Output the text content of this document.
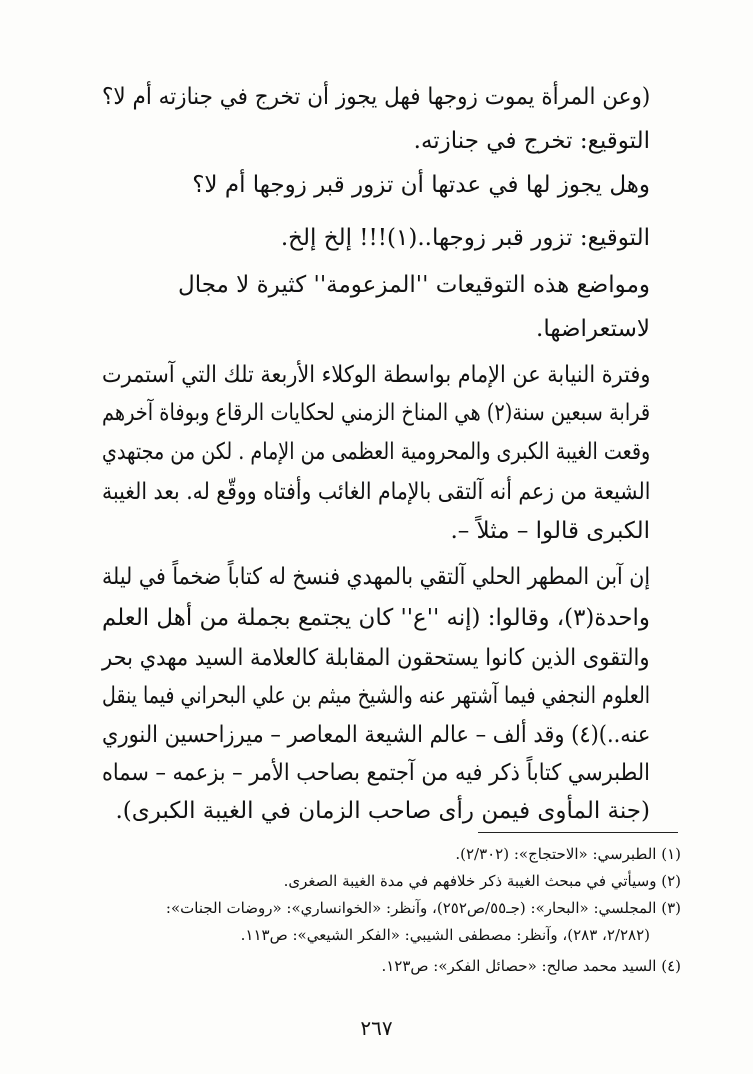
(وعن المرأة يموت زوجها فهل يجوز أن تخرج في جنازته أم لا؟
التوقيع: تخرج في جنازته.
وهل يجوز لها في عدتها أن تزور قبر زوجها أم لا؟
التوقيع: تزور قبر زوجها..(١)!!! إلخ إلخ.
ومواضع هذه التوقيعات ''المزعومة'' كثيرة لا مجال
لاستعراضها.
وفترة النيابة عن الإمام بواسطة الوكلاء الأربعة تلك التي آستمرت
قرابة سبعين سنة(٢) هي المناخ الزمني لحكايات الرقاع وبوفاة آخرهم
وقعت الغيبة الكبرى والمحرومية العظمى من الإمام . لكن من مجتهدي
الشيعة من زعم أنه آلتقى بالإمام الغائب وأفتاه ووقّع له. بعد الغيبة
الكبرى قالوا – مثلاً –.
إن آبن المطهر الحلي آلتقي بالمهدي فنسخ له كتاباً ضخماً في ليلة
واحدة(٣)، وقالوا: (إنه ''ع'' كان يجتمع بجملة من أهل العلم
والتقوى الذين كانوا يستحقون المقابلة كالعلامة السيد مهدي بحر
العلوم النجفي فيما آشتهر عنه والشيخ ميثم بن علي البحراني فيما ينقل
عنه..)(٤) وقد ألف – عالم الشيعة المعاصر – ميرزاحسين النوري
الطبرسي كتاباً ذكر فيه من آجتمع بصاحب الأمر – بزعمه – سماه
(جنة المأوى فيمن رأى صاحب الزمان في الغيبة الكبرى).
(١) الطبرسي: «الاحتجاج»: (٢/٣٠٢).
(٢) وسيأتي في مبحث الغيبة ذكر خلافهم في مدة الغيبة الصغرى.
(٣) المجلسي: «البحار»: (جـ٥٥/ص٢٥٢)، وآنظر: «الخوانساري»: «روضات الجنات»:
(٢/٢٨٢، ٢٨٣)، وآنظر: مصطفى الشيبي: «الفكر الشيعي»: ص١١٣.
(٤) السيد محمد صالح: «حصائل الفكر»: ص١٢٣.
٢٦٧
